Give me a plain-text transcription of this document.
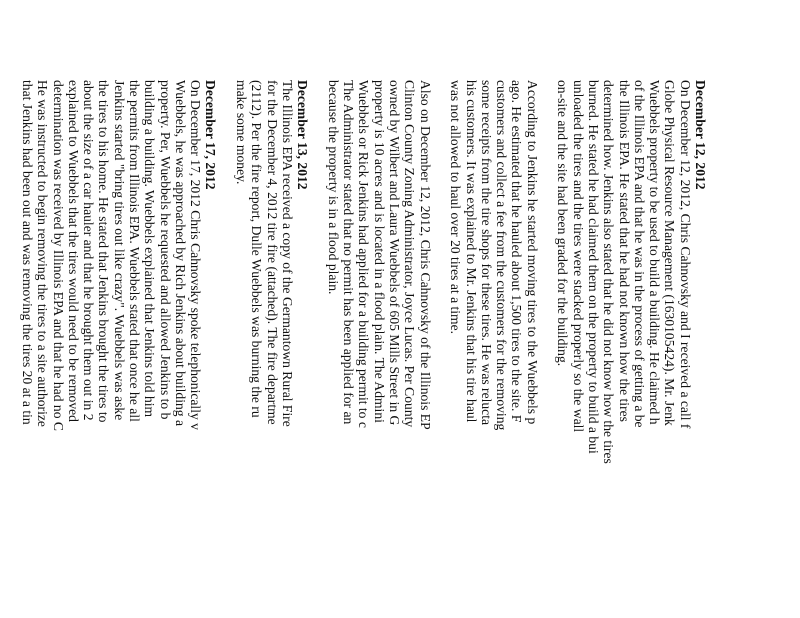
December 12, 2012
On December 12, 2012, Chris Cahnovsky and I received a call f
Globe Physical Resource Management (1630105424). Mr. Jenk
Wuebbels property to be used to build a building. He claimed h
of the Illinois EPA and that he was in the process of getting a be
the Illinois EPA. He stated that he had not known how the tires
determined how. Jenkins also stated that he did not know how the tires
burned. He stated he had claimed them on the property to build a bui
unloaded the tires and the tires were stacked properly so the wall
on-site and the site had been graded for the building.
According to Jenkins he started moving tires to the Wuebbels p
ago. He estimated that he hauled about 1,500 tires to the site. F
customers and collect a fee from the customers for the removing
some receipts from the tire shops for these tires. He was relucta
his customers. It was explained to Mr. Jenkins that his tire haul
was not allowed to haul over 20 tires at a time.
Also on December 12, 2012, Chris Cahnovsky of the Illinois EP
Clinton County Zoning Administrator, Joyce Lucas. Per County
owned by Wilbert and Laura Wuebbels of 605 Mills Street in G
property is 10 acres and is located in a flood plain. The Admini
Wuebbels or Rick Jenkins had applied for a building permit to c
The Administrator stated that no permit has been applied for an
because the property is in a flood plain.
December 13, 2012
The Illinois EPA received a copy of the Germantown Rural Fire
for the December 4, 2012 tire fire (attached). The fire departme
(2112). Per the fire report, Dulle Wuebbels was burning the ru
make some money.
December 17, 2012
On December 17, 2012 Chris Cahnovsky spoke telephonically v
Wuebbels, he was approached by Rich Jenkins about building a
property. Per, Wuebbels he requested and allowed Jenkins to b
building a building. Wuebbels explained that Jenkins told him
the permits from Illinois EPA. Wuebbels stated that once he all
Jenkins started "bring tires out like crazy". Wuebbels was aske
the tires to his home. He stated that Jenkins brought the tires to
about the size of a car hauler and that he brought them out in 2
explained to Wuebbels that the tires would need to be removed
determination was received by Illinois EPA and that he had no C
He was instructed to begin removing the tires to a site authorize
that Jenkins had been out and was removing the tires 20 at a tin
